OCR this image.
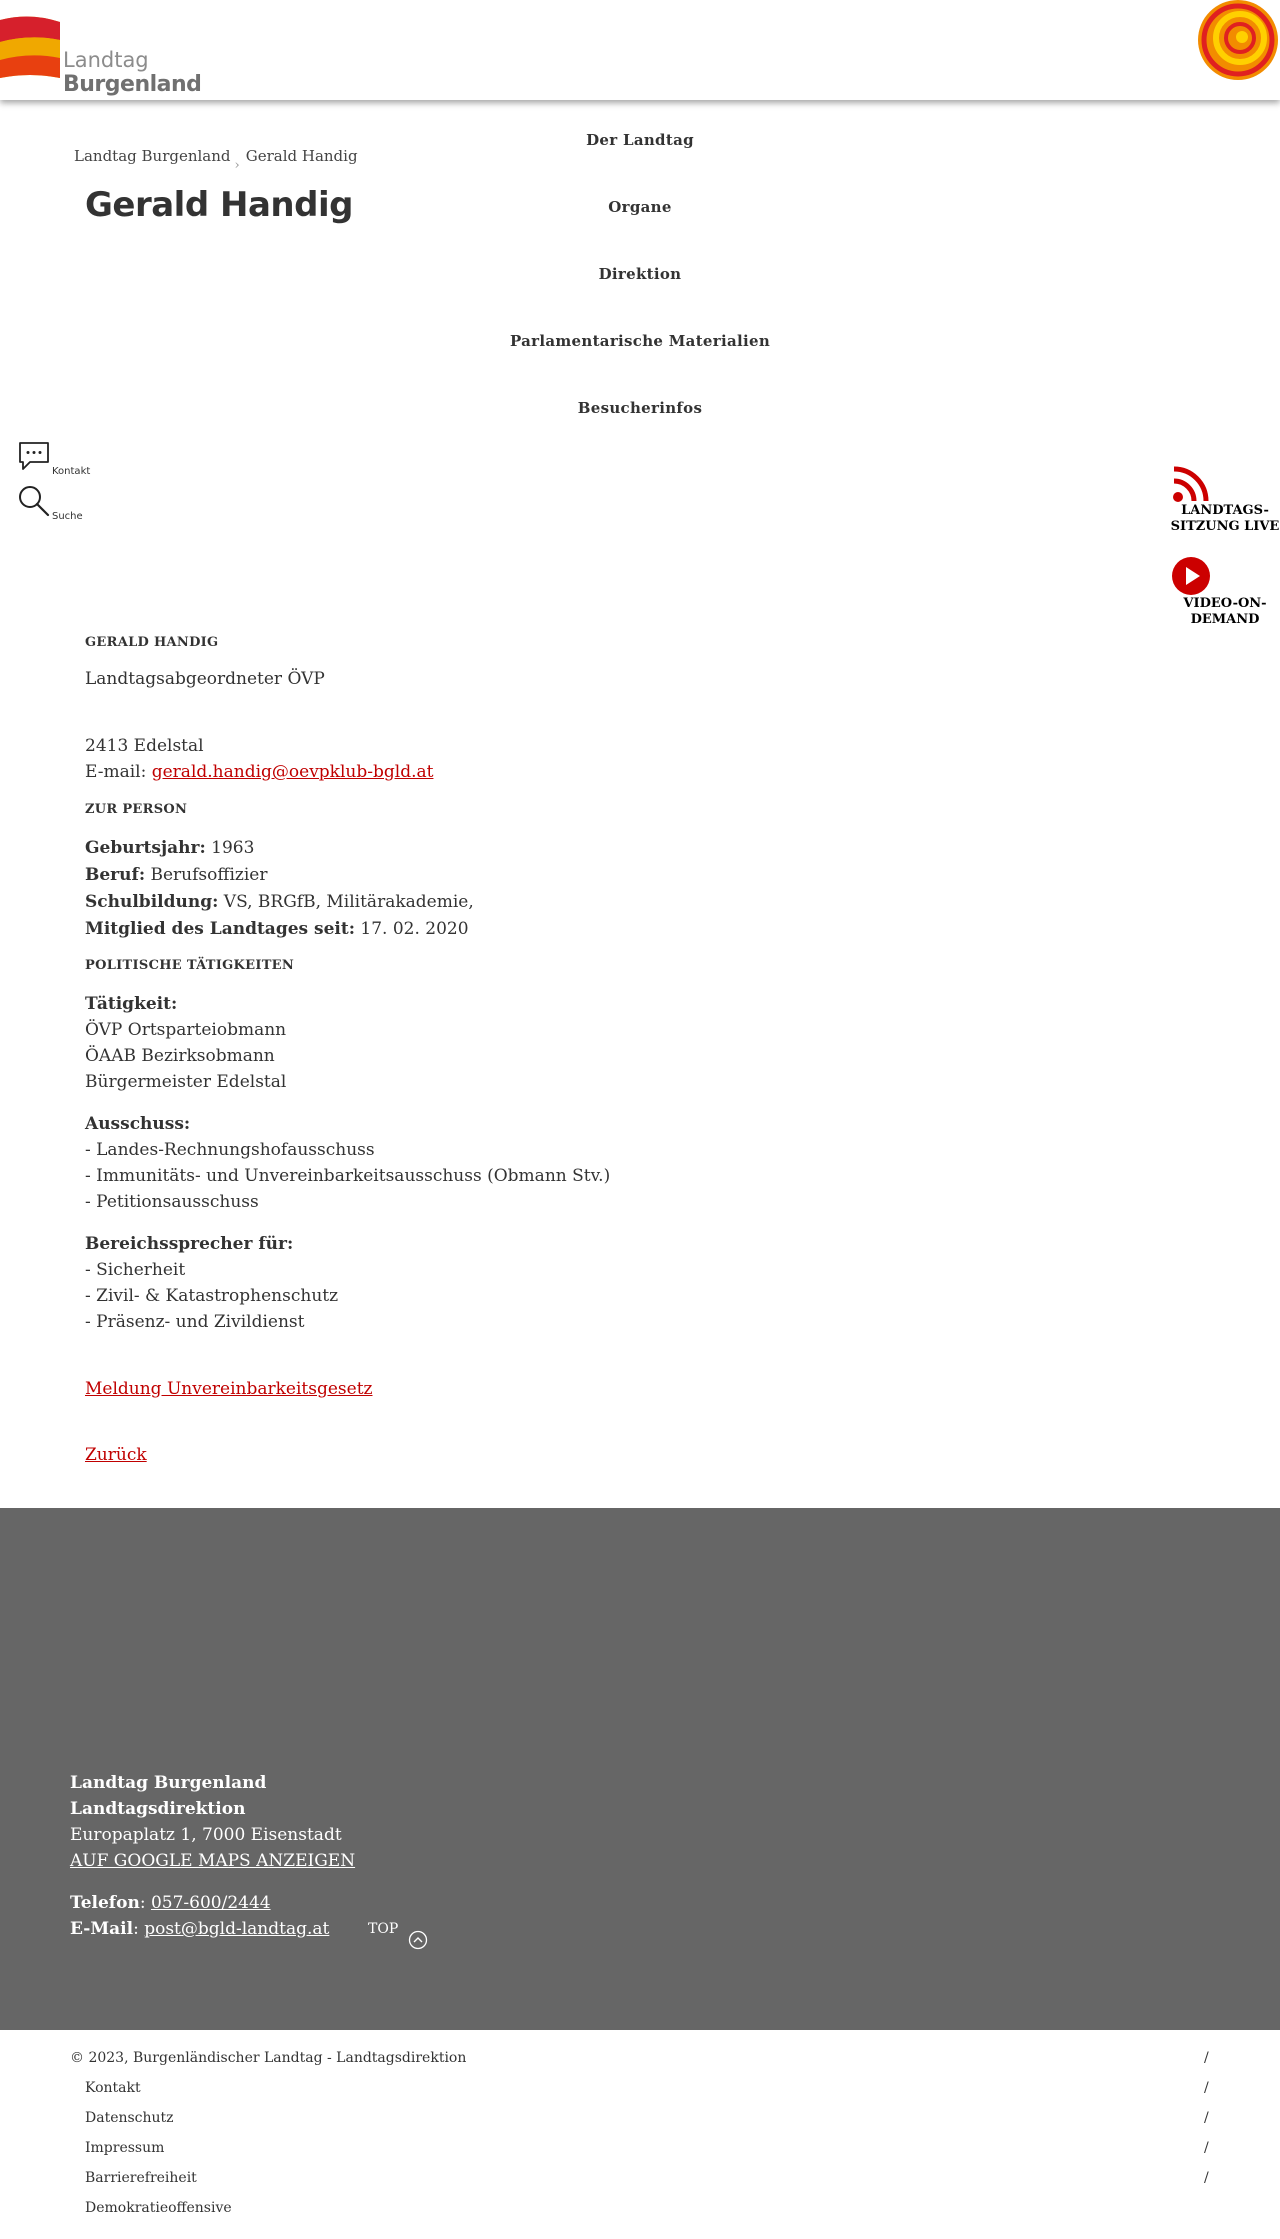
Landtag
Burgenland
Landtag Burgenland›Gerald Handig
Gerald Handig
Der Landtag
Organe
Direktion
Parlamentarische Materialien
Besucherinfos
Kontakt
Suche	LANDTAGS-
SITZUNG LIVE
VIDEO-ON-
DEMAND
GERALD HANDIG
Landtagsabgeordneter ÖVP
2413 Edelstal
E-mail: gerald.handig@oevpklub-bgld.at
ZUR PERSON
Geburtsjahr: 1963
Beruf: Berufsoffizier
Schulbildung: VS, BRGfB, Militärakademie,
Mitglied des Landtages seit: 17. 02. 2020
POLITISCHE TÄTIGKEITEN
Tätigkeit:
ÖVP Ortsparteiobmann
ÖAAB Bezirksobmann
Bürgermeister Edelstal
Ausschuss:
- Landes-Rechnungshofausschuss
- Immunitäts- und Unvereinbarkeitsausschuss (Obmann Stv.)
- Petitionsausschuss
Bereichssprecher für:
- Sicherheit
- Zivil- & Katastrophenschutz
- Präsenz- und Zivildienst
Meldung Unvereinbarkeitsgesetz
Zurück
Landtag Burgenland
Landtagsdirektion
Europaplatz 1, 7000 Eisenstadt
AUF GOOGLE MAPS ANZEIGEN
Telefon: 057-600/2444
E-Mail: post@bgld-landtag.at	TOP
© 2023, Burgenländischer Landtag - Landtagsdirektion
Kontakt
Datenschutz
Impressum
Barrierefreiheit
Demokratieoffensive
/
/
/
/
/
